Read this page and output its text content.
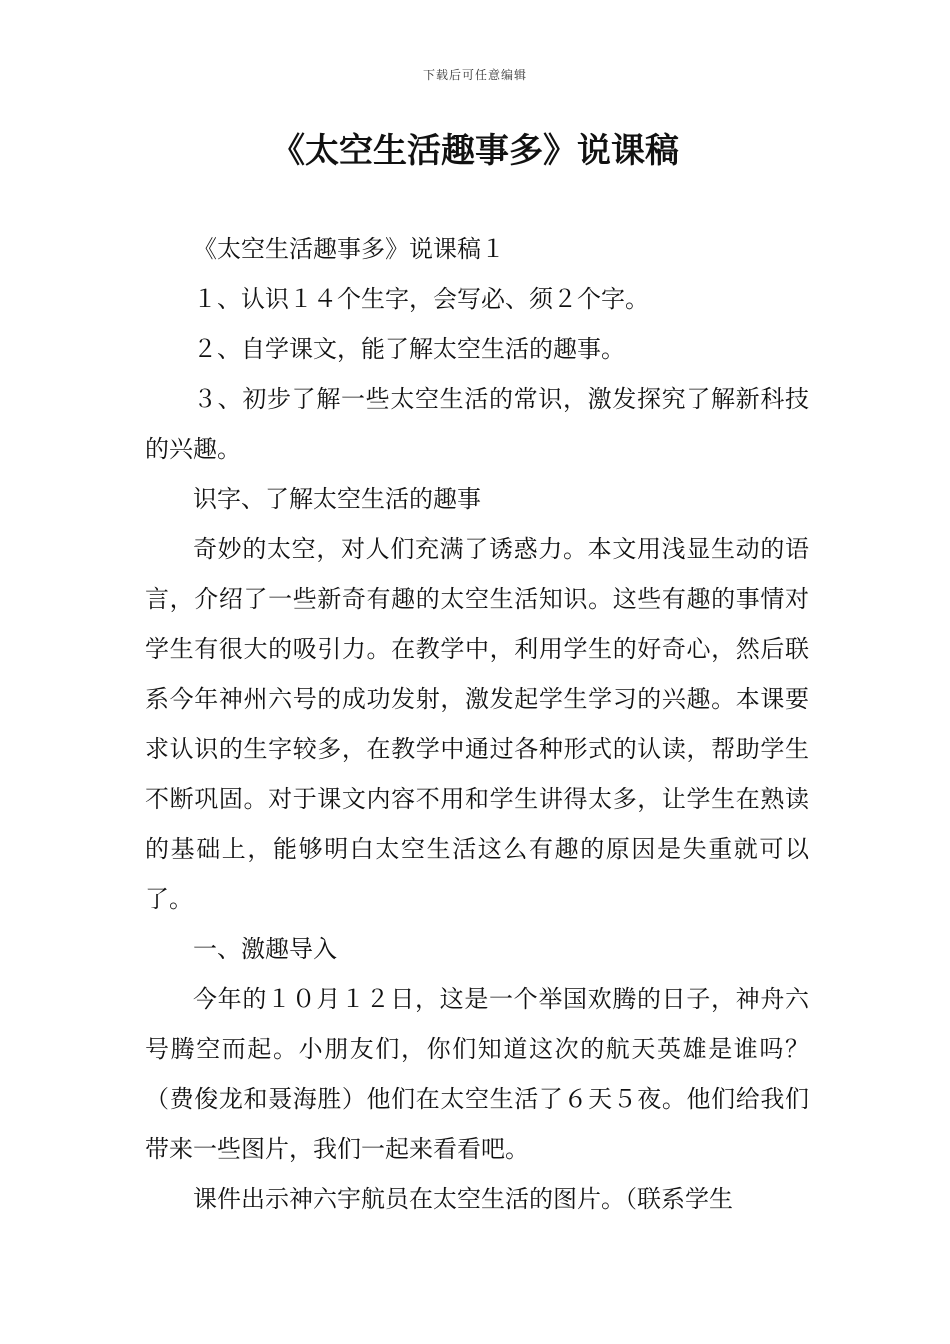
下载后可任意编辑
《太空生活趣事多》说课稿

《太空生活趣事多》说课稿１

１、认识１４个生字，会写必、须２个字。

２、自学课文，能了解太空生活的趣事。

３、初步了解一些太空生活的常识，激发探究了解新科技的兴趣。

识字、了解太空生活的趣事

奇妙的太空，对人们充满了诱惑力。本文用浅显生动的语言，介绍了一些新奇有趣的太空生活知识。这些有趣的事情对学生有很大的吸引力。在教学中，利用学生的好奇心，然后联系今年神州六号的成功发射，激发起学生学习的兴趣。本课要求认识的生字较多，在教学中通过各种形式的认读，帮助学生不断巩固。对于课文内容不用和学生讲得太多，让学生在熟读的基础上，能够明白太空生活这么有趣的原因是失重就可以了。

一、激趣导入

今年的１０月１２日，这是一个举国欢腾的日子，神舟六号腾空而起。小朋友们，你们知道这次的航天英雄是谁吗？（费俊龙和聂海胜）他们在太空生活了６天５夜。他们给我们带来一些图片，我们一起来看看吧。

课件出示神六宇航员在太空生活的图片。（联系学生
